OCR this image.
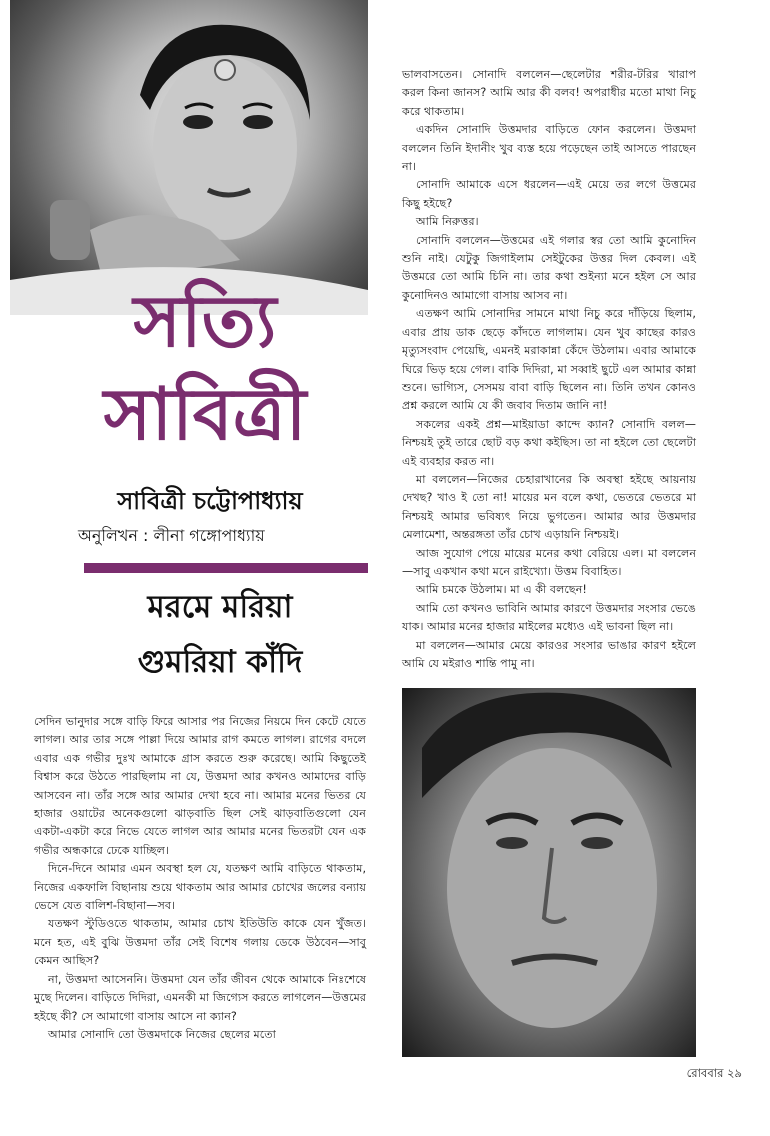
সত্যি
সাবিত্রী
সাবিত্রী চট্টোপাধ্যায়
অনুলিখন : লীনা গঙ্গোপাধ্যায়
মরমে মরিয়া
গুমরিয়া কাঁদি

ভালবাসতেন। সোনাদি বললেন—ছেলেটার শরীর-টরির খারাপ করল কিনা জানস? আমি আর কী বলব! অপরাধীর মতো মাথা নিচু করে থাকতাম।

একদিন সোনাদি উত্তমদার বাড়িতে ফোন করলেন। উত্তমদা বললেন তিনি ইদানীং খুব ব্যস্ত হয়ে পড়েছেন তাই আসতে পারছেন না।

সোনাদি আমাকে এসে ধরলেন—এই মেয়ে তর লগে উত্তমের কিছু হইছে?

আমি নিরুত্তর।

সোনাদি বললেন—উত্তমের এই গলার স্বর তো আমি কুনোদিন শুনি নাই। যেটুকু জিগাইলাম সেইটুকের উত্তর দিল কেবল। এই উত্তমরে তো আমি চিনি না। তার কথা শুইন্যা মনে হইল সে আর কুনোদিনও আমাগো বাসায় আসব না।

এতক্ষণ আমি সোনাদির সামনে মাথা নিচু করে দাঁড়িয়ে ছিলাম, এবার প্রায় ডাক ছেড়ে কাঁদতে লাগলাম। যেন খুব কাছের কারও মৃত্যুসংবাদ পেয়েছি, এমনই মরাকান্না কেঁদে উঠলাম। এবার আমাকে ঘিরে ভিড় হয়ে গেল। বাকি দিদিরা, মা সব্বাই ছুটে এল আমার কান্না শুনে। ভাগ্যিস, সেসময় বাবা বাড়ি ছিলেন না। তিনি তখন কোনও প্রশ্ন করলে আমি যে কী জবাব দিতাম জানি না!

সকলের একই প্রশ্ন—মাইয়াডা কান্দে ক্যান? সোনাদি বলল—নিশ্চয়ই তুই তারে ছোট বড় কথা কইছিস। তা না হইলে তো ছেলেটা এই ব্যবহার করত না।

মা বললেন—নিজের চেহারাখানের কি অবস্থা হইছে আয়নায় দেখছ? খাও ই তো না! মায়ের মন বলে কথা, ভেতরে ভেতরে মা নিশ্চয়ই আমার ভবিষ্যৎ নিয়ে ভুগতেন। আমার আর উত্তমদার মেলামেশা, অন্তরঙ্গতা তাঁর চোখ এড়ায়নি নিশ্চয়ই।

আজ সুযোগ পেয়ে মায়ের মনের কথা বেরিয়ে এল। মা বললেন—সাবু একখান কথা মনে রাইখ্যো। উত্তম বিবাহিত।

আমি চমকে উঠলাম। মা এ কী বলছেন!

আমি তো কখনও ভাবিনি আমার কারণে উত্তমদার সংসার ভেঙে যাক। আমার মনের হাজার মাইলের মধ্যেও এই ভাবনা ছিল না।

মা বললেন—আমার মেয়ে কারওর সংসার ভাঙার কারণ হইলে আমি যে মইরাও শান্তি পামু না।

সেদিন ভানুদার সঙ্গে বাড়ি ফিরে আসার পর নিজের নিয়মে দিন কেটে যেতে লাগল। আর তার সঙ্গে পাল্লা দিয়ে আমার রাগ কমতে লাগল। রাগের বদলে এবার এক গভীর দুঃখ আমাকে গ্রাস করতে শুরু করেছে। আমি কিছুতেই বিশ্বাস করে উঠতে পারছিলাম না যে, উত্তমদা আর কখনও আমাদের বাড়ি আসবেন না। তাঁর সঙ্গে আর আমার দেখা হবে না। আমার মনের ভিতর যে হাজার ওয়াটের অনেকগুলো ঝাড়বাতি ছিল সেই ঝাড়বাতিগুলো যেন একটা-একটা করে নিভে যেতে লাগল আর আমার মনের ভিতরটা যেন এক গভীর অন্ধকারে ঢেকে যাচ্ছিল।

দিনে-দিনে আমার এমন অবস্থা হল যে, যতক্ষণ আমি বাড়িতে থাকতাম, নিজের একফালি বিছানায় শুয়ে থাকতাম আর আমার চোখের জলের বন্যায় ভেসে যেত বালিশ-বিছানা—সব।

যতক্ষণ স্টুডিওতে থাকতাম, আমার চোখ ইতিউতি কাকে যেন খুঁজত। মনে হত, এই বুঝি উত্তমদা তাঁর সেই বিশেষ গলায় ডেকে উঠবেন—সাবু কেমন আছিস?

না, উত্তমদা আসেননি। উত্তমদা যেন তাঁর জীবন থেকে আমাকে নিঃশেষে মুছে দিলেন। বাড়িতে দিদিরা, এমনকী মা জিগ্যেস করতে লাগলেন—উত্তমের হইছে কী? সে আমাগো বাসায় আসে না ক্যান?

আমার সোনাদি তো উত্তমদাকে নিজের ছেলের মতো

রোববার ২৯
